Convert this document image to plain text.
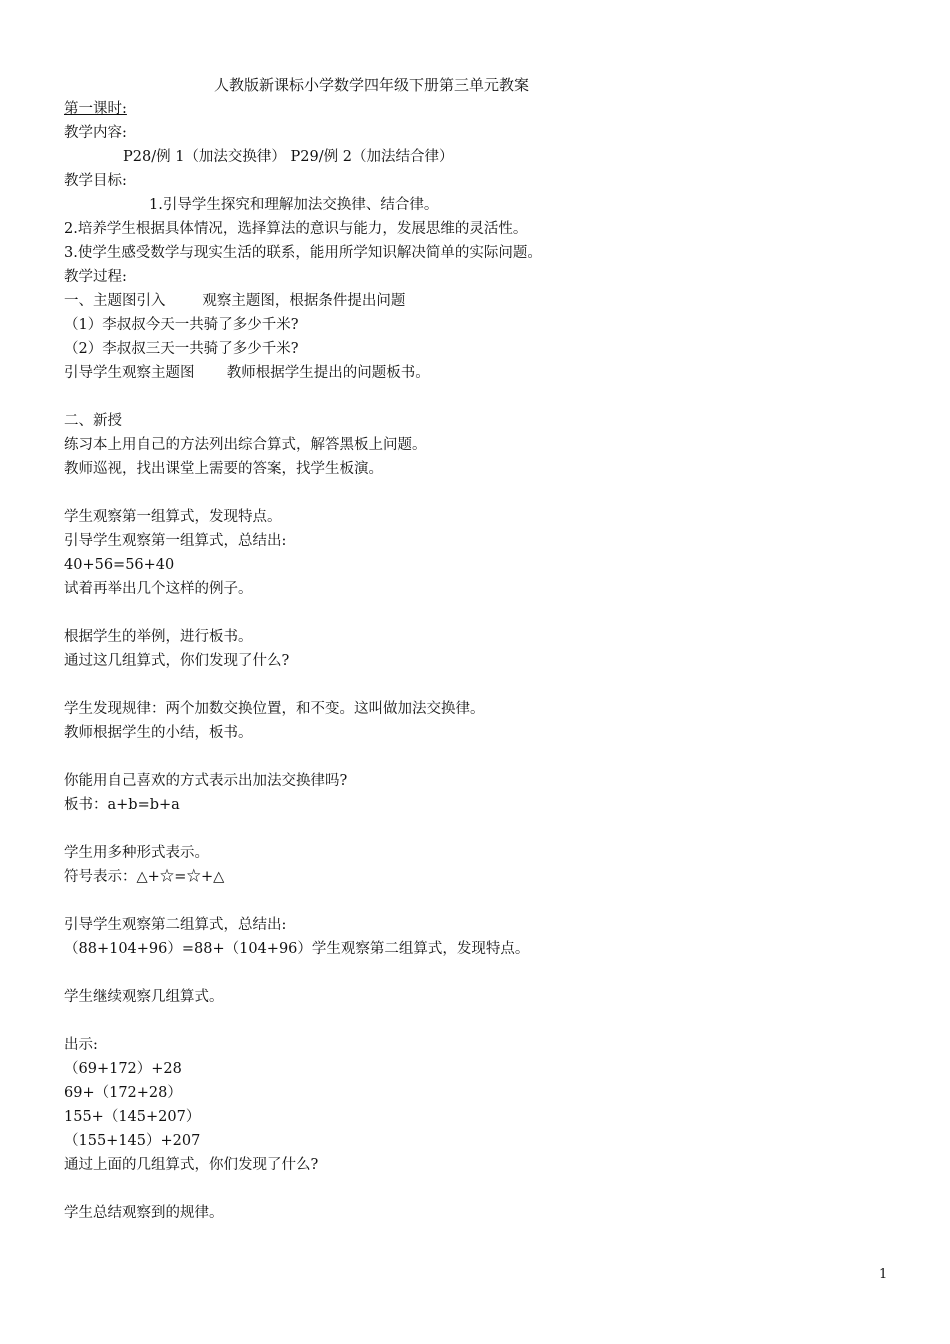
人教版新课标小学数学四年级下册第三单元教案
第一课时:
教学内容:
P28/例 1（加法交换律） P29/例 2（加法结合律）
教学目标:
1.引导学生探究和理解加法交换律、结合律。
2.培养学生根据具体情况，选择算法的意识与能力，发展思维的灵活性。
3.使学生感受数学与现实生活的联系，能用所学知识解决简单的实际问题。
教学过程:
一、主题图引入        观察主题图，根据条件提出问题
（1）李叔叔今天一共骑了多少千米?
（2）李叔叔三天一共骑了多少千米?
引导学生观察主题图       教师根据学生提出的问题板书。
二、新授
练习本上用自己的方法列出综合算式，解答黑板上问题。
教师巡视，找出课堂上需要的答案，找学生板演。
学生观察第一组算式，发现特点。
引导学生观察第一组算式，总结出:
40+56=56+40
试着再举出几个这样的例子。
根据学生的举例，进行板书。
通过这几组算式，你们发现了什么?
学生发现规律：两个加数交换位置，和不变。这叫做加法交换律。
教师根据学生的小结，板书。
你能用自己喜欢的方式表示出加法交换律吗?
板书：a+b=b+a
学生用多种形式表示。
符号表示：△+☆=☆+△
引导学生观察第二组算式，总结出:
（88+104+96）=88+（104+96）学生观察第二组算式，发现特点。
学生继续观察几组算式。
出示:
（69+172）+28
69+（172+28）
155+（145+207）
（155+145）+207
通过上面的几组算式，你们发现了什么?
学生总结观察到的规律。
1
